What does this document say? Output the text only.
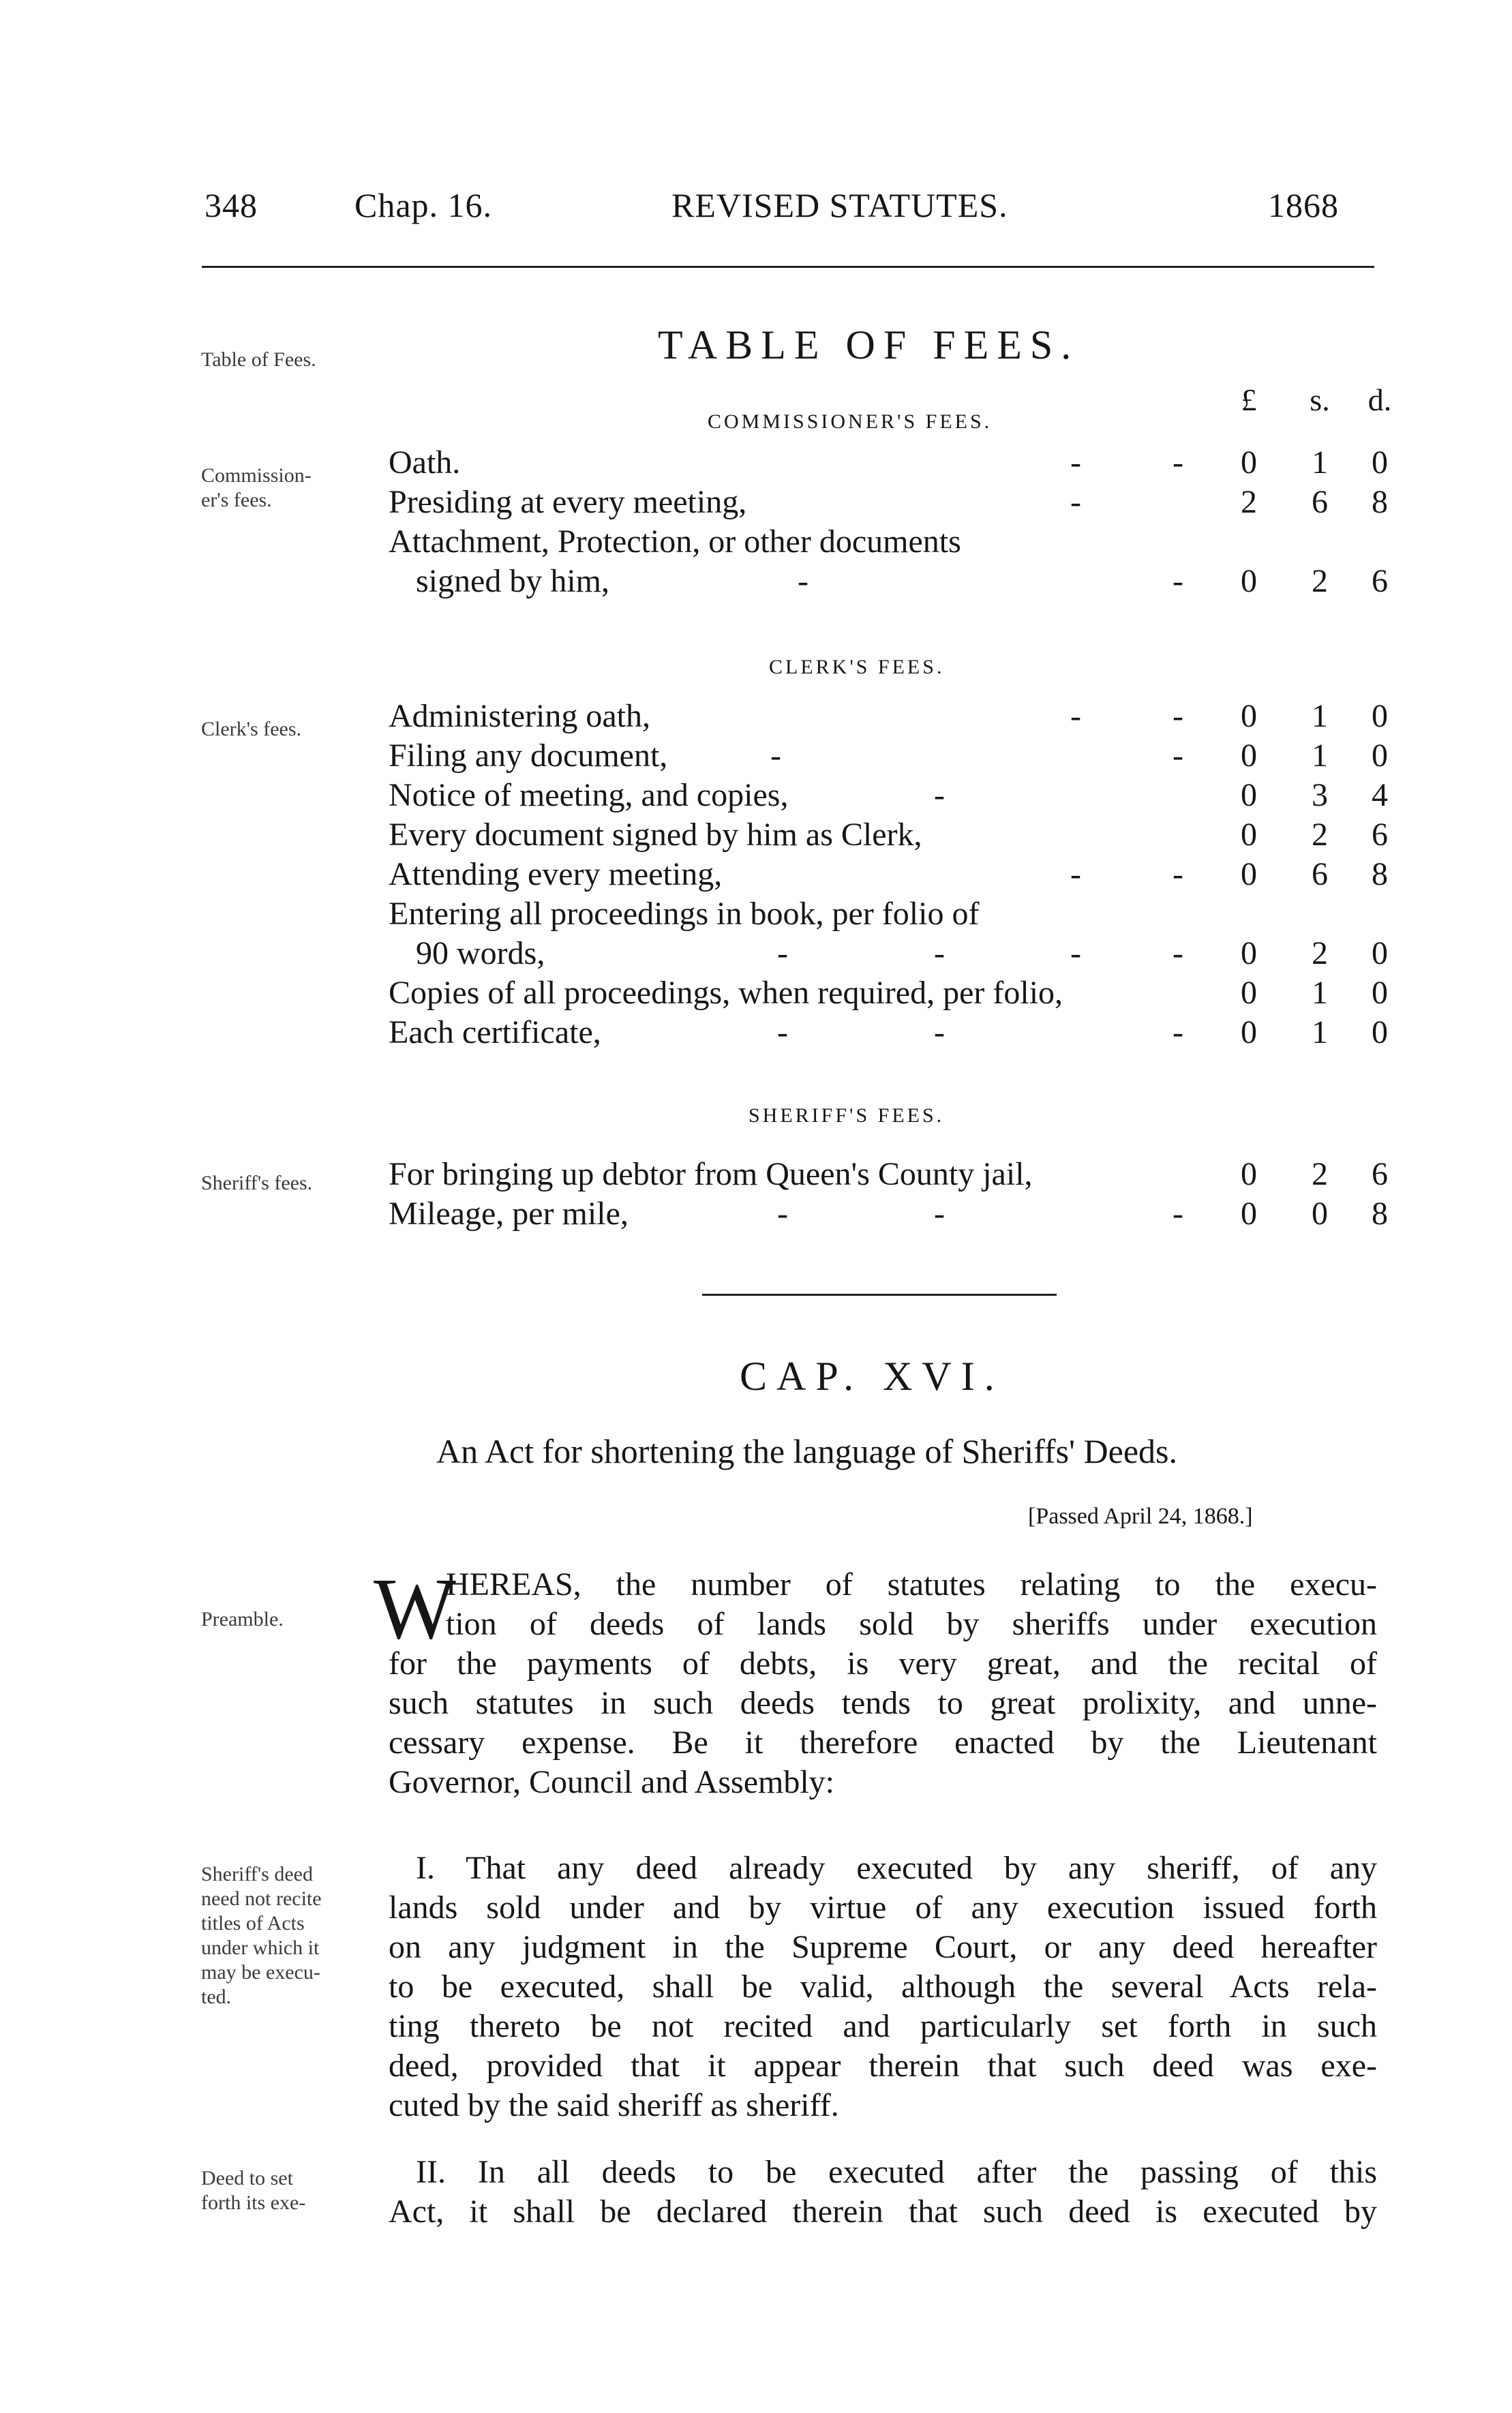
348	Chap. 16.	REVISED STATUTES.	1868
Table of Fees.
Commission-
er's fees.
Clerk's fees.
Sheriff's fees.
Preamble.
Sheriff's deed
need not recite
titles of Acts
under which it
may be execu-
ted.
Deed to set
forth its exe-
TABLE OF FEES.
COMMISSIONER'S FEES.
£	s.	d.
Oath.	-	-	0	1	0
Presiding at every meeting,	-	2	6	8
Attachment, Protection, or other documents
signed by him,	-	-	0	2	6
CLERK'S FEES.
Administering oath,	-	-	0	1	0
Filing any document,	-	-	0	1	0
Notice of meeting, and copies,	-	0	3	4
Every document signed by him as Clerk,	0	2	6
Attending every meeting,	-	-	0	6	8
Entering all proceedings in book, per folio of
90 words,	-	-	-	-	0	2	0
Copies of all proceedings, when required, per folio,	0	1	0
Each certificate,	-	-	-	0	1	0
SHERIFF'S FEES.
For bringing up debtor from Queen's County jail,	0	2	6
Mileage, per mile,	-	-	-	0	0	8
CAP. XVI.
An Act for shortening the language of Sheriffs' Deeds.
[Passed April 24, 1868.]
W
HEREAS, the number of statutes relating to the execu-
tion of deeds of lands sold by sheriffs under execution
for the payments of debts, is very great, and the recital of
such statutes in such deeds tends to great prolixity, and unne-
cessary expense. Be it therefore enacted by the Lieutenant
Governor, Council and Assembly:
I. That any deed already executed by any sheriff, of any
lands sold under and by virtue of any execution issued forth
on any judgment in the Supreme Court, or any deed hereafter
to be executed, shall be valid, although the several Acts rela-
ting thereto be not recited and particularly set forth in such
deed, provided that it appear therein that such deed was exe-
cuted by the said sheriff as sheriff.
II. In all deeds to be executed after the passing of this
Act, it shall be declared therein that such deed is executed by
